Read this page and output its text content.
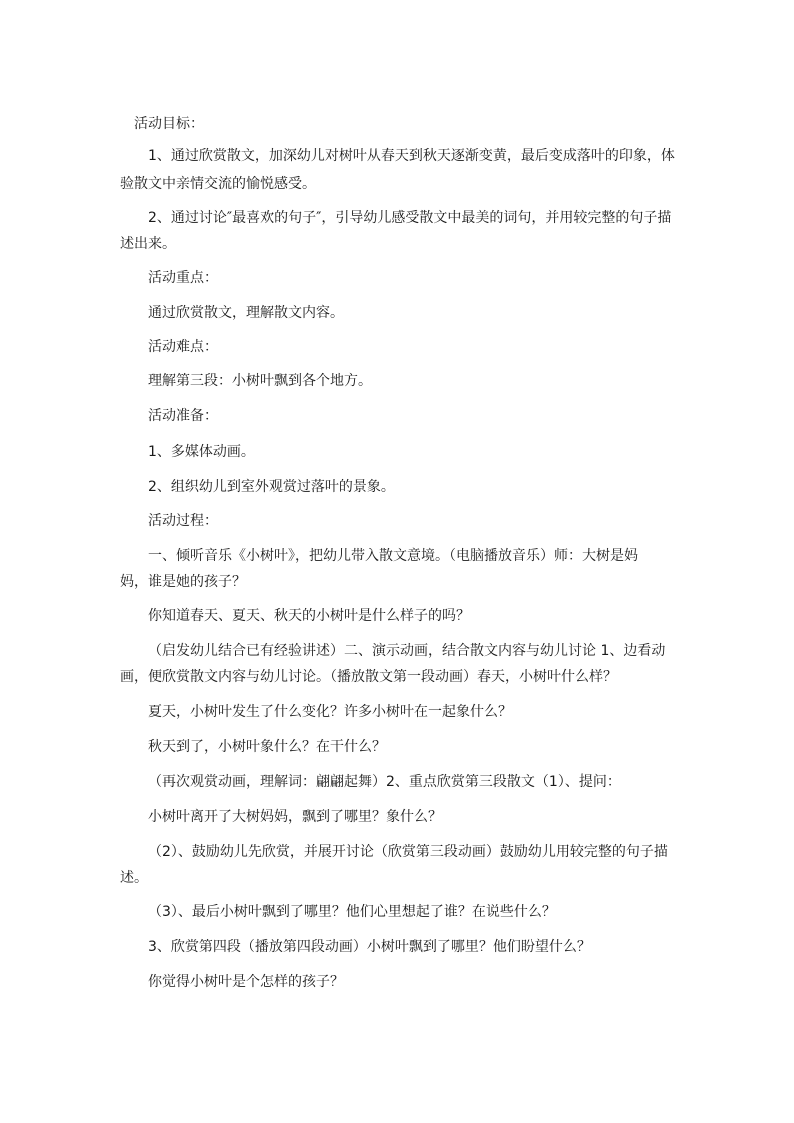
活动目标：
1、通过欣赏散文，加深幼儿对树叶从春天到秋天逐渐变黄，最后变成落叶的印象，体
验散文中亲情交流的愉悦感受。
2、通过讨论″最喜欢的句子″，引导幼儿感受散文中最美的词句，并用较完整的句子描
述出来。
活动重点：
通过欣赏散文，理解散文内容。
活动难点：
理解第三段：小树叶飘到各个地方。
活动准备：
1、多媒体动画。
2、组织幼儿到室外观赏过落叶的景象。
活动过程：
一、倾听音乐《小树叶》，把幼儿带入散文意境。（电脑播放音乐）师：大树是妈
妈，谁是她的孩子？
你知道春天、夏天、秋天的小树叶是什么样子的吗？
（启发幼儿结合已有经验讲述）二、演示动画，结合散文内容与幼儿讨论 1、边看动
画，便欣赏散文内容与幼儿讨论。（播放散文第一段动画）春天，小树叶什么样？
夏天，小树叶发生了什么变化？许多小树叶在一起象什么？
秋天到了，小树叶象什么？在干什么？
（再次观赏动画，理解词：翩翩起舞）2、重点欣赏第三段散文（1）、提问：
小树叶离开了大树妈妈，飘到了哪里？象什么？
（2）、鼓励幼儿先欣赏，并展开讨论（欣赏第三段动画）鼓励幼儿用较完整的句子描
述。
（3）、最后小树叶飘到了哪里？他们心里想起了谁？在说些什么？
3、欣赏第四段（播放第四段动画）小树叶飘到了哪里？他们盼望什么？
你觉得小树叶是个怎样的孩子？
